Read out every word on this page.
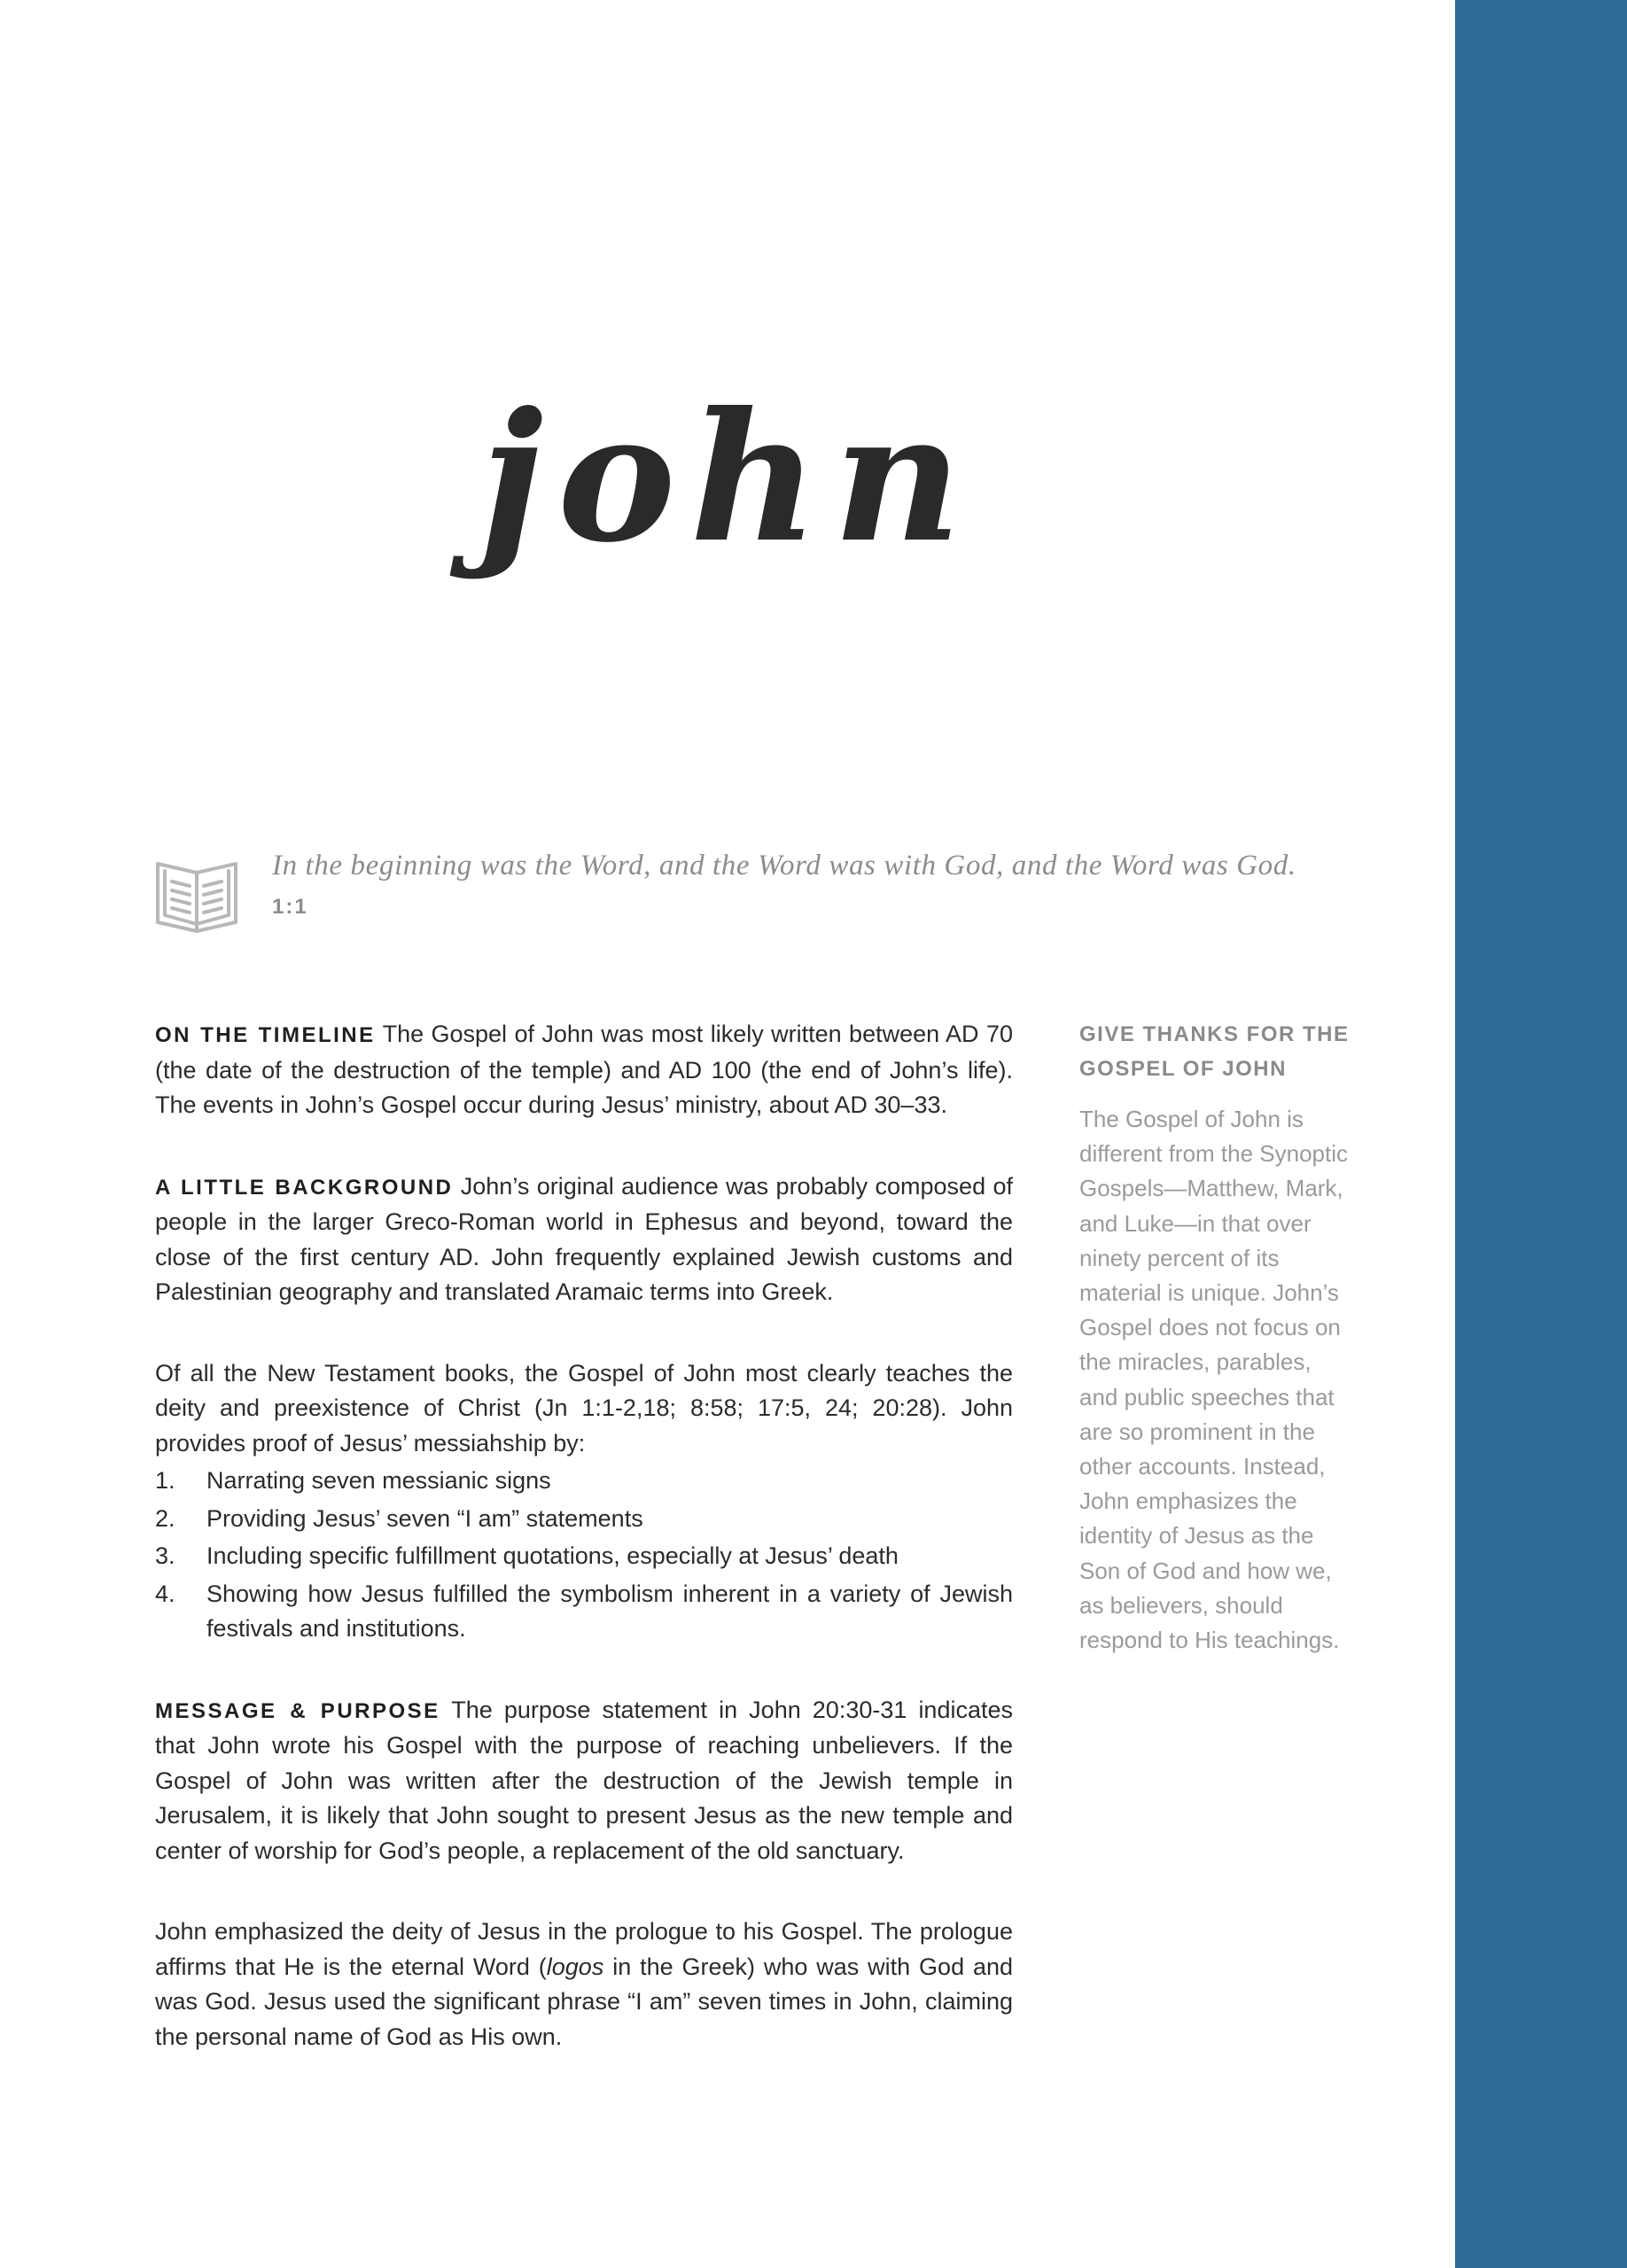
john
In the beginning was the Word, and the Word was with God, and the Word was God. 1:1

ON THE TIMELINE The Gospel of John was most likely written between AD 70 (the date of the destruction of the temple) and AD 100 (the end of John’s life). The events in John’s Gospel occur during Jesus’ ministry, about AD 30–33.

A LITTLE BACKGROUND John’s original audience was probably composed of people in the larger Greco-Roman world in Ephesus and beyond, toward the close of the first century AD. John frequently explained Jewish customs and Palestinian geography and translated Aramaic terms into Greek.

Of all the New Testament books, the Gospel of John most clearly teaches the deity and preexistence of Christ (Jn 1:1-2,18; 8:58; 17:5, 24; 20:28). John provides proof of Jesus’ messiahship by:

1. Narrating seven messianic signs
2. Providing Jesus’ seven “I am” statements
3. Including specific fulfillment quotations, especially at Jesus’ death
4. Showing how Jesus fulfilled the symbolism inherent in a variety of Jewish festivals and institutions.

MESSAGE & PURPOSE The purpose statement in John 20:30-31 indicates that John wrote his Gospel with the purpose of reaching unbelievers. If the Gospel of John was written after the destruction of the Jewish temple in Jerusalem, it is likely that John sought to present Jesus as the new temple and center of worship for God’s people, a replacement of the old sanctuary.

John emphasized the deity of Jesus in the prologue to his Gospel. The prologue affirms that He is the eternal Word (logos in the Greek) who was with God and was God. Jesus used the significant phrase “I am” seven times in John, claiming the personal name of God as His own.

GIVE THANKS FOR THE GOSPEL OF JOHN

The Gospel of John is different from the Synoptic Gospels—Matthew, Mark, and Luke—in that over ninety percent of its material is unique. John’s Gospel does not focus on the miracles, parables, and public speeches that are so prominent in the other accounts. Instead, John emphasizes the identity of Jesus as the Son of God and how we, as believers, should respond to His teachings.
